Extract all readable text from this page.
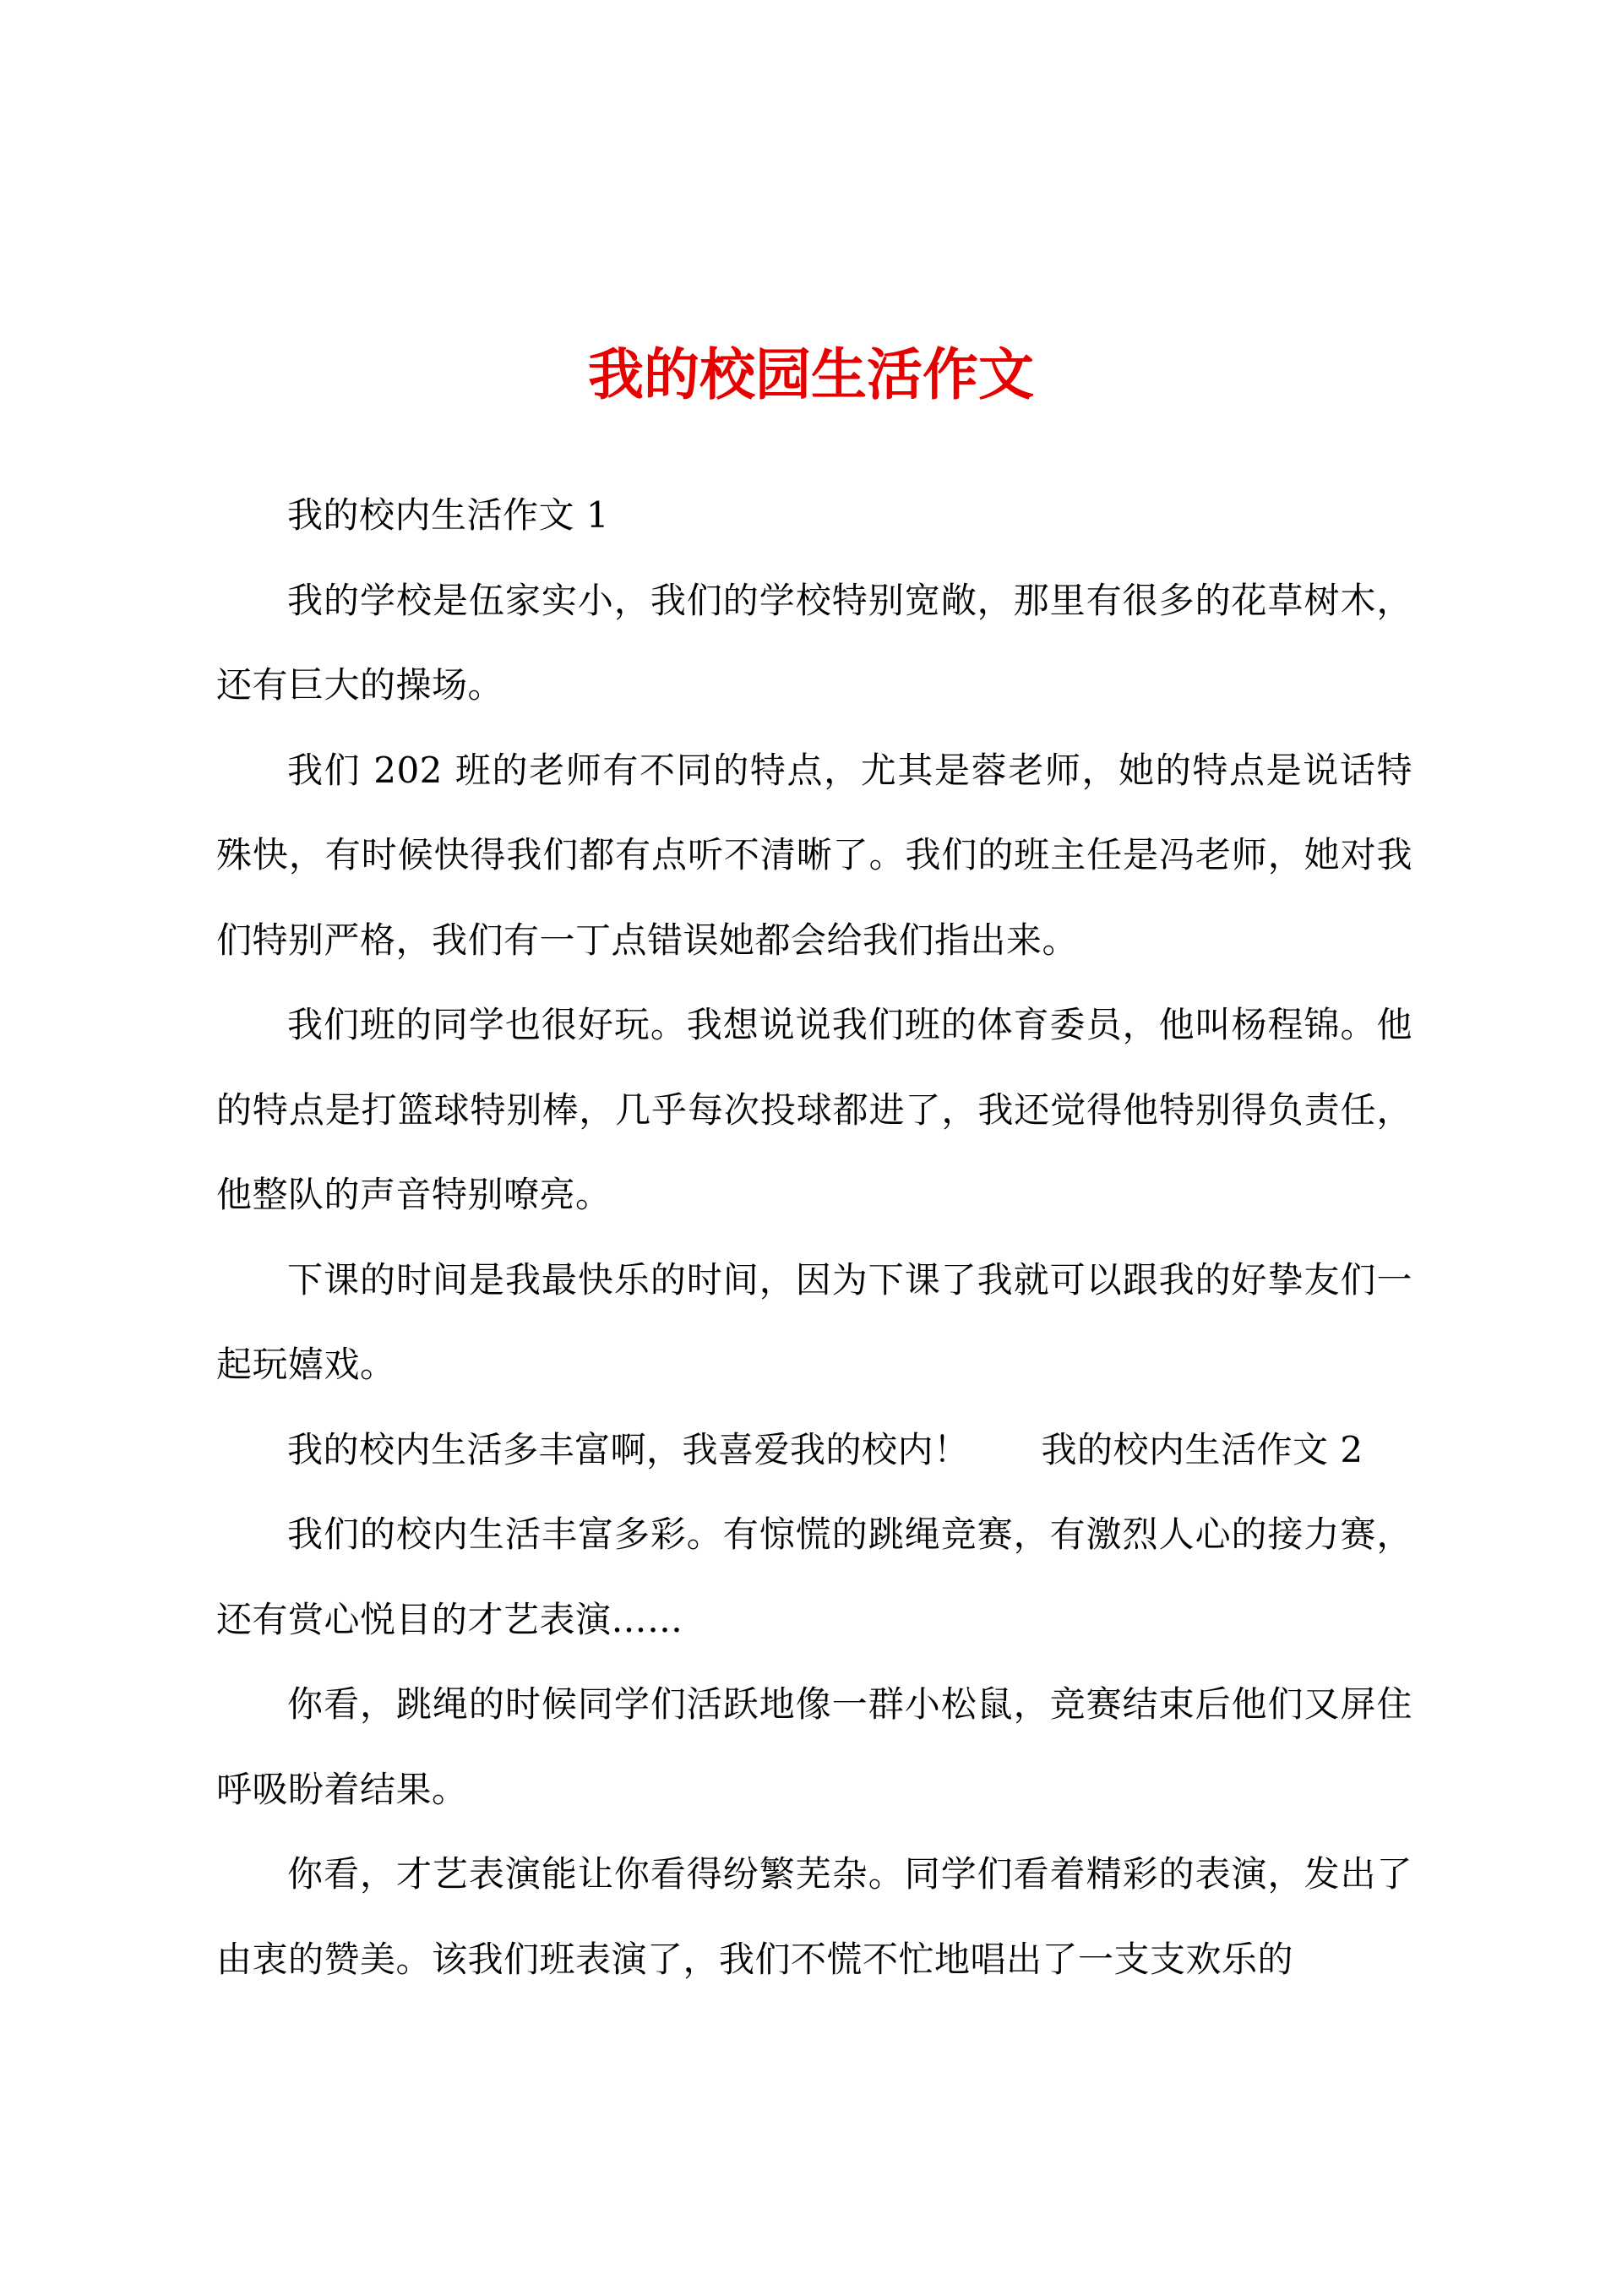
我的校园生活作文

我的校内生活作文 1

我的学校是伍家实小，我们的学校特别宽敞，那里有很多的花草树木，还有巨大的操场。

我们 202 班的老师有不同的特点，尤其是蓉老师，她的特点是说话特殊快，有时候快得我们都有点听不清晰了。我们的班主任是冯老师，她对我们特别严格，我们有一丁点错误她都会给我们指出来。

我们班的同学也很好玩。我想说说我们班的体育委员，他叫杨程锦。他的特点是打篮球特别棒，几乎每次投球都进了，我还觉得他特别得负责任，他整队的声音特别嘹亮。

下课的时间是我最快乐的时间，因为下课了我就可以跟我的好挚友们一起玩嬉戏。

我的校内生活多丰富啊，我喜爱我的校内！　　我的校内生活作文 2

我们的校内生活丰富多彩。有惊慌的跳绳竞赛，有激烈人心的接力赛，还有赏心悦目的才艺表演……

你看，跳绳的时候同学们活跃地像一群小松鼠，竞赛结束后他们又屏住呼吸盼着结果。

你看，才艺表演能让你看得纷繁芜杂。同学们看着精彩的表演，发出了由衷的赞美。该我们班表演了，我们不慌不忙地唱出了一支支欢乐的
